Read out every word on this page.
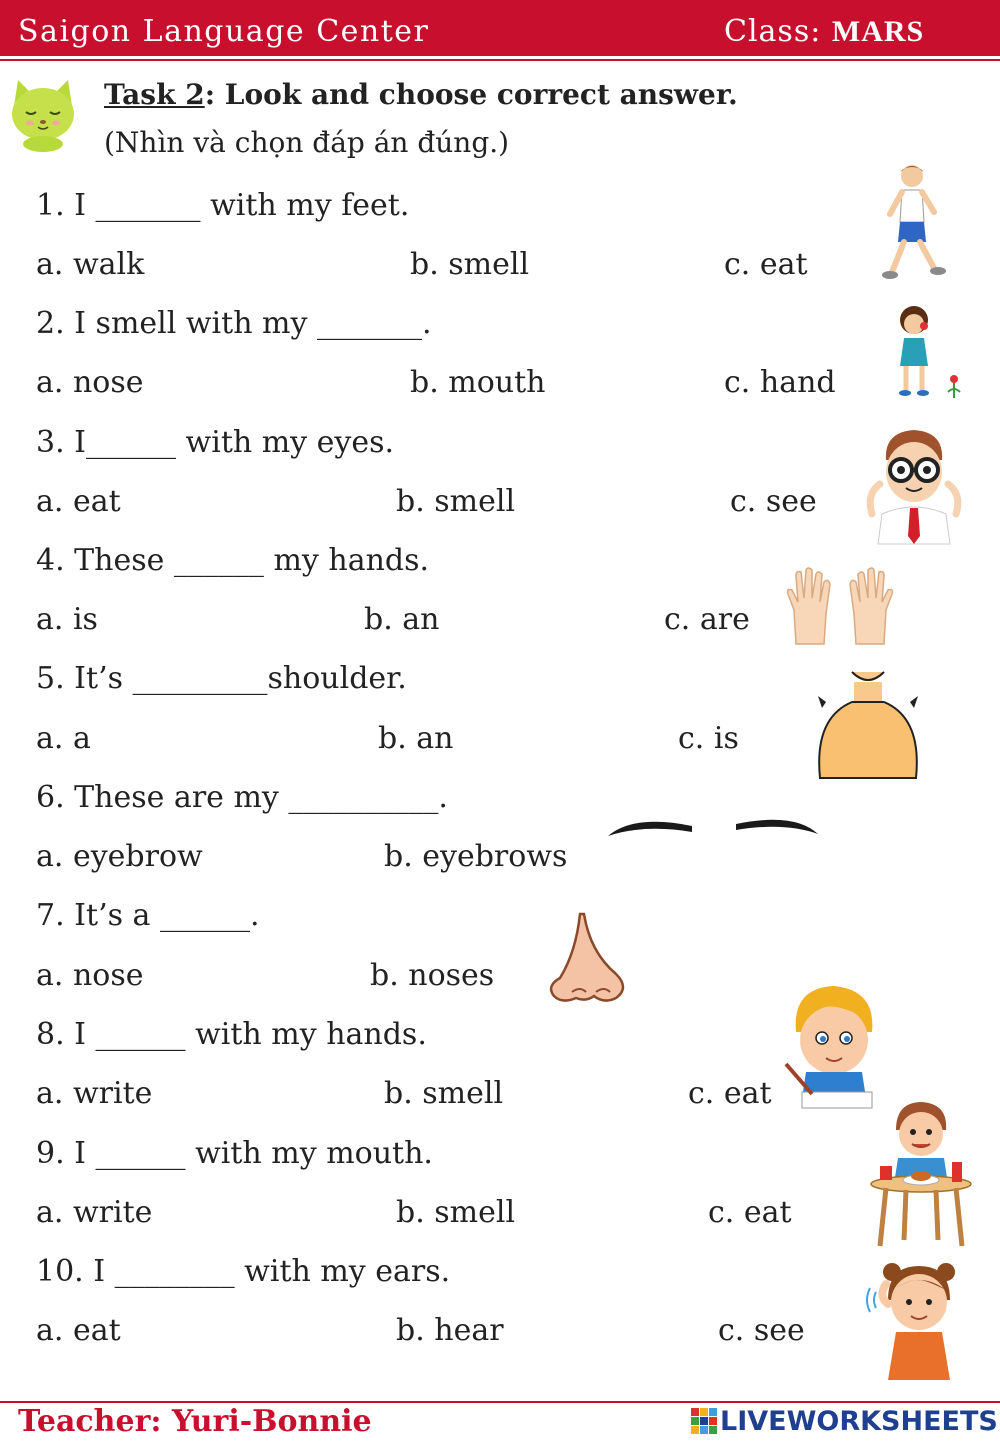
Saigon Language Center	Class: MARS
Task 2: Look and choose correct answer.
(Nhìn và chọn đáp án đúng.)
1. I _______ with my feet.
a. walk	b. smell	c. eat
2. I smell with my _______.
a. nose	b. mouth	c. hand
3. I______ with my eyes.
a. eat	b. smell	c. see
4. These ______ my hands.
a. is	b. an	c. are
5. It’s _________shoulder.
a. a	b. an	c. is
6. These are my __________.
a. eyebrow	b. eyebrows
7. It’s a ______.
a. nose	b. noses
8. I ______ with my hands.
a. write	b. smell	c. eat
9. I ______ with my mouth.
a. write	b. smell	c. eat
10. I ________ with my ears.
a. eat	b. hear	c. see
Teacher: Yuri-Bonnie	LIVEWORKSHEETS
